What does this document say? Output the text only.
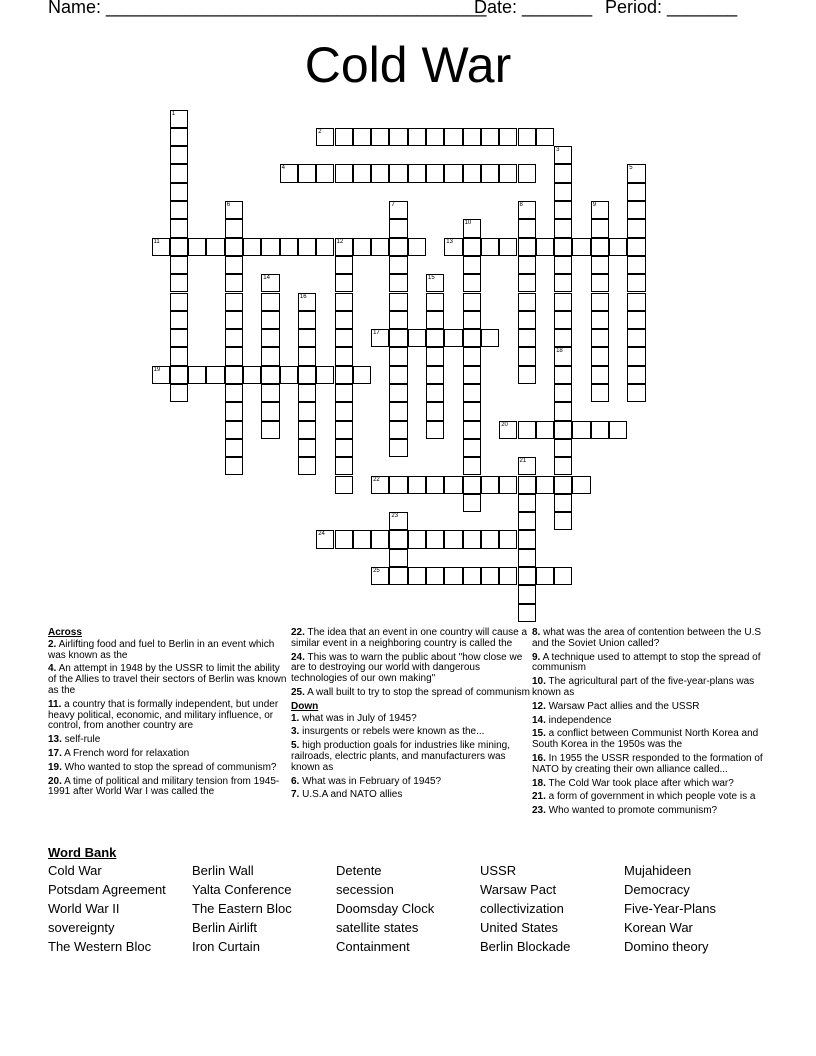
Name: ______________________________________
Date: _______ Period: _______
Cold War
1
2
3
4	5
6	7	8	9
10
11	12	13
14	15
16
17
18
19
20
21
22
23
24
25
Across
2. Airlifting food and fuel to Berlin in an event which was known as the
4. An attempt in 1948 by the USSR to limit the ability of the Allies to travel their sectors of Berlin was known as the
11. a country that is formally independent, but under heavy political, economic, and military influence, or control, from another country are
13. self-rule
17. A French word for relaxation
19. Who wanted to stop the spread of communism?
20. A time of political and military tension from 1945-1991 after World War I was called the
22. The idea that an event in one country will cause a similar event in a neighboring country is called the
24. This was to warn the public about "how close we are to destroying our world with dangerous technologies of our own making"
25. A wall built to try to stop the spread of communism
Down
1. what was in July of 1945?
3. insurgents or rebels were known as the...
5. high production goals for industries like mining, railroads, electric plants, and manufacturers was known as
6. What was in February of 1945?
7. U.S.A and NATO allies
8. what was the area of contention between the U.S and the Soviet Union called?
9. A technique used to attempt to stop the spread of communism
10. The agricultural part of the five-year-plans was known as
12. Warsaw Pact allies and the USSR
14. independence
15. a conflict between Communist North Korea and South Korea in the 1950s was the
16. In 1955 the USSR responded to the formation of NATO by creating their own alliance called...
18. The Cold War took place after which war?
21. a form of government in which people vote is a
23. Who wanted to promote communism?
Word Bank
Cold War
Potsdam Agreement
World War II
sovereignty
The Western Bloc
Berlin Wall
Yalta Conference
The Eastern Bloc
Berlin Airlift
Iron Curtain
Detente
secession
Doomsday Clock
satellite states
Containment
USSR
Warsaw Pact
collectivization
United States
Berlin Blockade
Mujahideen
Democracy
Five-Year-Plans
Korean War
Domino theory
